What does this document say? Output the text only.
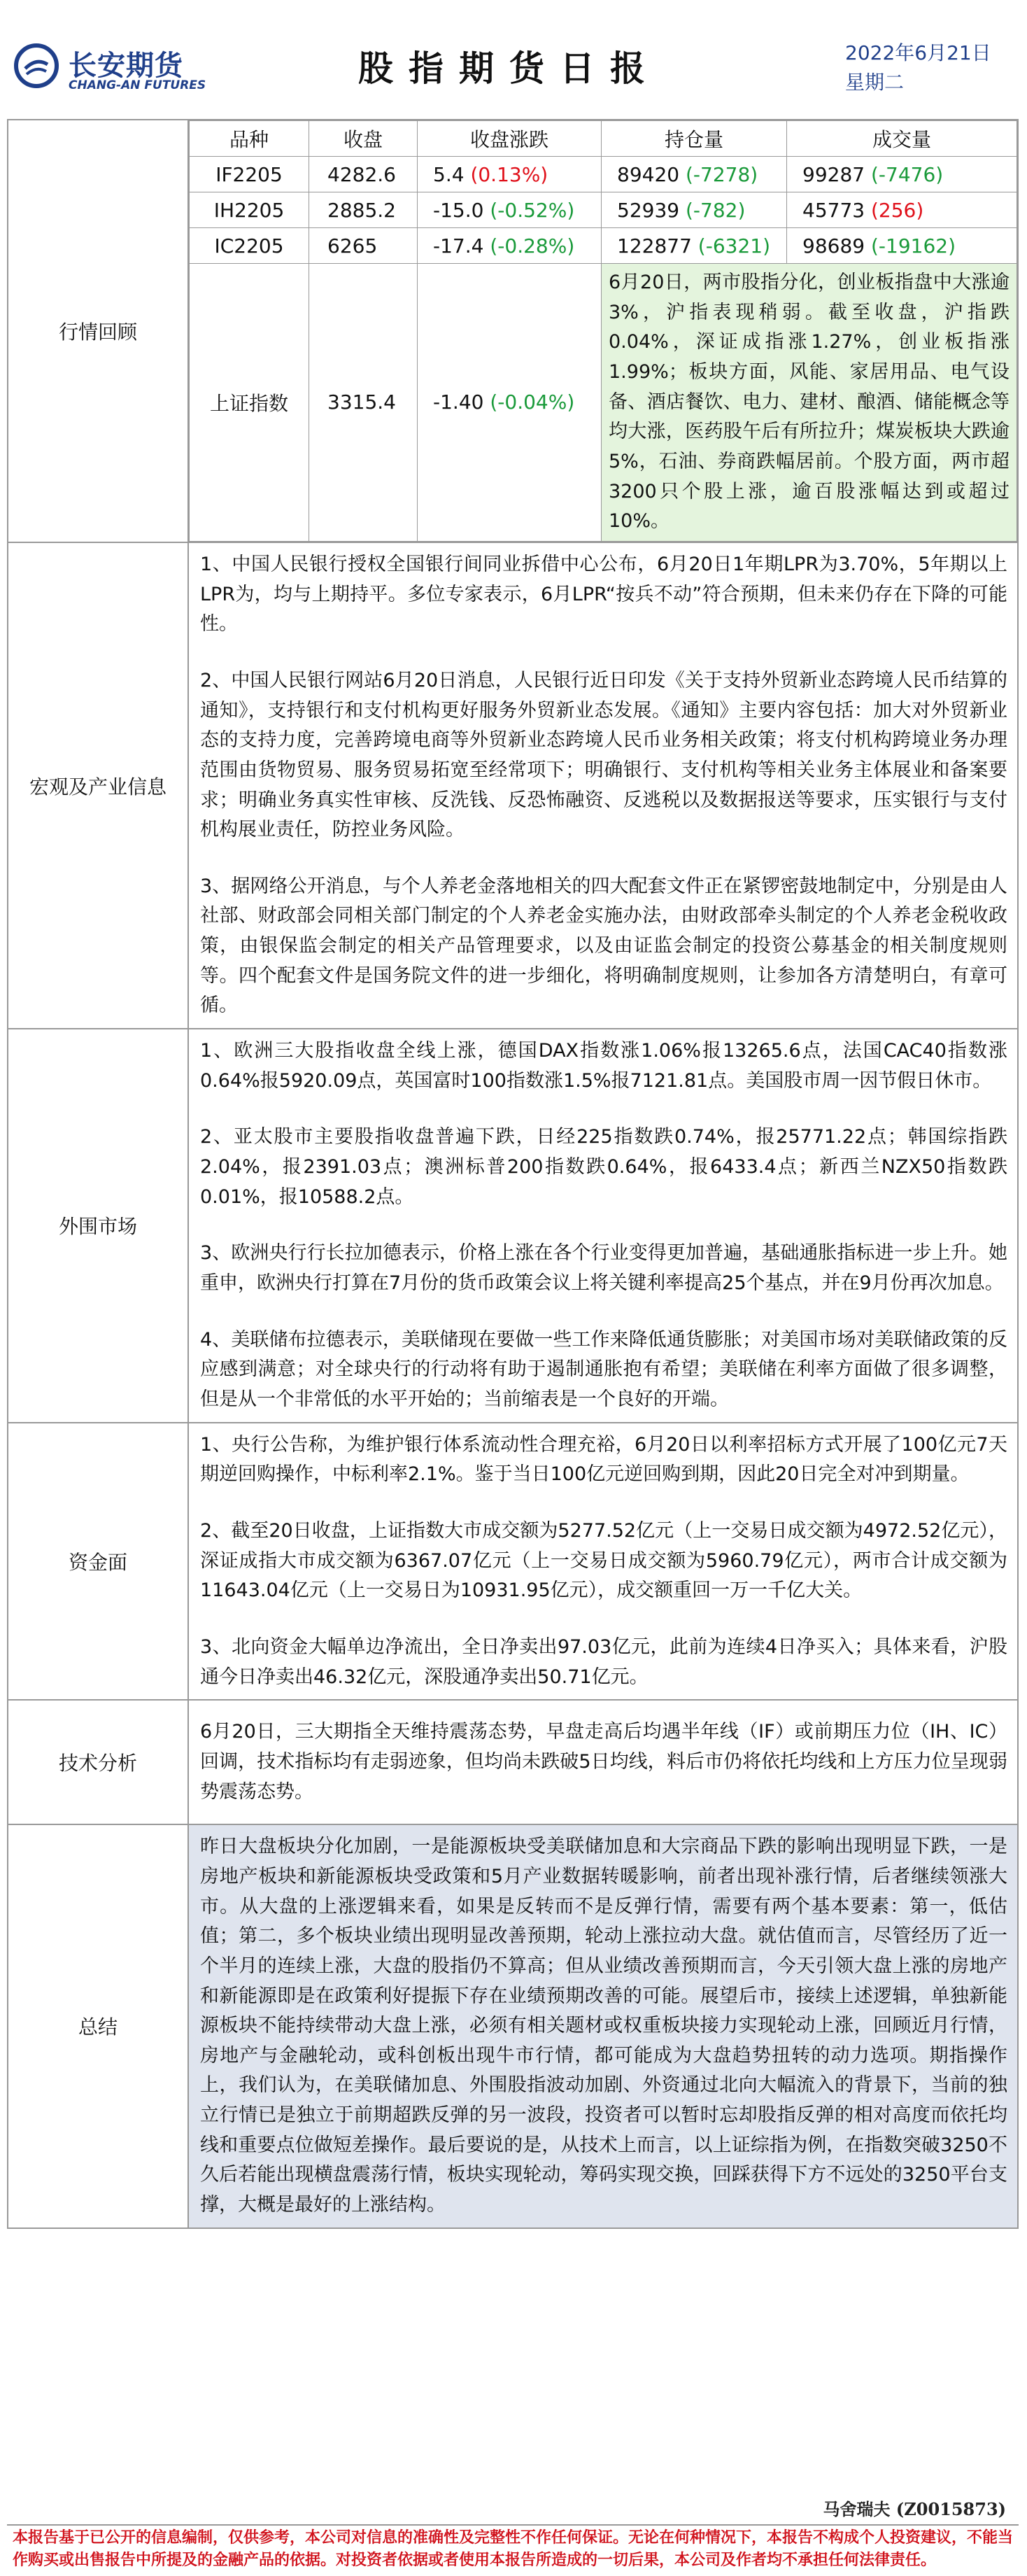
长安期货
CHANG-AN FUTURES	股指期货日报	2022年6月21日
星期二
行情回顾	
品种	收盘	收盘涨跌	持仓量	成交量
IF2205	4282.6	5.4 (0.13%)	89420 (-7278)	99287 (-7476)
IH2205	2885.2	-15.0 (-0.52%)	52939 (-782)	45773 (256)
IC2205	6265	-17.4 (-0.28%)	122877 (-6321)	98689 (-19162)
上证指数	3315.4	-1.40 (-0.04%)	6月20日，两市股指分化，创业板指盘中大涨逾3%，沪指表现稍弱。截至收盘，沪指跌0.04%，深证成指涨1.27%，创业板指涨1.99%；板块方面，风能、家居用品、电气设备、酒店餐饮、电力、建材、酿酒、储能概念等均大涨，医药股午后有所拉升；煤炭板块大跌逾5%，石油、券商跌幅居前。个股方面，两市超3200只个股上涨，逾百股涨幅达到或超过10%。

宏观及产业信息	

1、中国人民银行授权全国银行间同业拆借中心公布，6月20日1年期LPR为3.70%，5年期以上LPR为，均与上期持平。多位专家表示，6月LPR“按兵不动”符合预期，但未来仍存在下降的可能性。

2、中国人民银行网站6月20日消息，人民银行近日印发《关于支持外贸新业态跨境人民币结算的通知》，支持银行和支付机构更好服务外贸新业态发展。《通知》主要内容包括：加大对外贸新业态的支持力度，完善跨境电商等外贸新业态跨境人民币业务相关政策；将支付机构跨境业务办理范围由货物贸易、服务贸易拓宽至经常项下；明确银行、支付机构等相关业务主体展业和备案要求；明确业务真实性审核、反洗钱、反恐怖融资、反逃税以及数据报送等要求，压实银行与支付机构展业责任，防控业务风险。

3、据网络公开消息，与个人养老金落地相关的四大配套文件正在紧锣密鼓地制定中，分别是由人社部、财政部会同相关部门制定的个人养老金实施办法，由财政部牵头制定的个人养老金税收政策，由银保监会制定的相关产品管理要求，以及由证监会制定的投资公募基金的相关制度规则等。四个配套文件是国务院文件的进一步细化，将明确制度规则，让参加各方清楚明白，有章可循。

外围市场	

1、欧洲三大股指收盘全线上涨，德国DAX指数涨1.06%报13265.6点，法国CAC40指数涨0.64%报5920.09点，英国富时100指数涨1.5%报7121.81点。美国股市周一因节假日休市。

2、亚太股市主要股指收盘普遍下跌，日经225指数跌0.74%，报25771.22点；韩国综指跌2.04%，报2391.03点；澳洲标普200指数跌0.64%，报6433.4点；新西兰NZX50指数跌0.01%，报10588.2点。

3、欧洲央行行长拉加德表示，价格上涨在各个行业变得更加普遍，基础通胀指标进一步上升。她重申，欧洲央行打算在7月份的货币政策会议上将关键利率提高25个基点，并在9月份再次加息。

4、美联储布拉德表示，美联储现在要做一些工作来降低通货膨胀；对美国市场对美联储政策的反应感到满意；对全球央行的行动将有助于遏制通胀抱有希望；美联储在利率方面做了很多调整，但是从一个非常低的水平开始的；当前缩表是一个良好的开端。

资金面	

1、央行公告称，为维护银行体系流动性合理充裕，6月20日以利率招标方式开展了100亿元7天期逆回购操作，中标利率2.1%。鉴于当日100亿元逆回购到期，因此20日完全对冲到期量。

2、截至20日收盘，上证指数大市成交额为5277.52亿元（上一交易日成交额为4972.52亿元），深证成指大市成交额为6367.07亿元（上一交易日成交额为5960.79亿元），两市合计成交额为11643.04亿元（上一交易日为10931.95亿元），成交额重回一万一千亿大关。

3、北向资金大幅单边净流出，全日净卖出97.03亿元，此前为连续4日净买入；具体来看，沪股通今日净卖出46.32亿元，深股通净卖出50.71亿元。

技术分析	

6月20日，三大期指全天维持震荡态势，早盘走高后均遇半年线（IF）或前期压力位（IH、IC）回调，技术指标均有走弱迹象，但均尚未跌破5日均线，料后市仍将依托均线和上方压力位呈现弱势震荡态势。

总结	

昨日大盘板块分化加剧，一是能源板块受美联储加息和大宗商品下跌的影响出现明显下跌，一是房地产板块和新能源板块受政策和5月产业数据转暖影响，前者出现补涨行情，后者继续领涨大市。从大盘的上涨逻辑来看，如果是反转而不是反弹行情，需要有两个基本要素：第一，低估值；第二，多个板块业绩出现明显改善预期，轮动上涨拉动大盘。就估值而言，尽管经历了近一个半月的连续上涨，大盘的股指仍不算高；但从业绩改善预期而言，今天引领大盘上涨的房地产和新能源即是在政策利好提振下存在业绩预期改善的可能。展望后市，接续上述逻辑，单独新能源板块不能持续带动大盘上涨，必须有相关题材或权重板块接力实现轮动上涨，回顾近月行情，房地产与金融轮动，或科创板出现牛市行情，都可能成为大盘趋势扭转的动力选项。期指操作上，我们认为，在美联储加息、外围股指波动加剧、外资通过北向大幅流入的背景下，当前的独立行情已是独立于前期超跌反弹的另一波段，投资者可以暂时忘却股指反弹的相对高度而依托均线和重要点位做短差操作。最后要说的是，从技术上而言，以上证综指为例，在指数突破3250不久后若能出现横盘震荡行情，板块实现轮动，筹码实现交换，回踩获得下方不远处的3250平台支撑，大概是最好的上涨结构。

马舍瑞夫 (Z0015873)
本报告基于已公开的信息编制，仅供参考，本公司对信息的准确性及完整性不作任何保证。无论在何种情况下，本报告不构成个人投资建议，不能当作购买或出售报告中所提及的金融产品的依据。对投资者依据或者使用本报告所造成的一切后果，本公司及作者均不承担任何法律责任。
